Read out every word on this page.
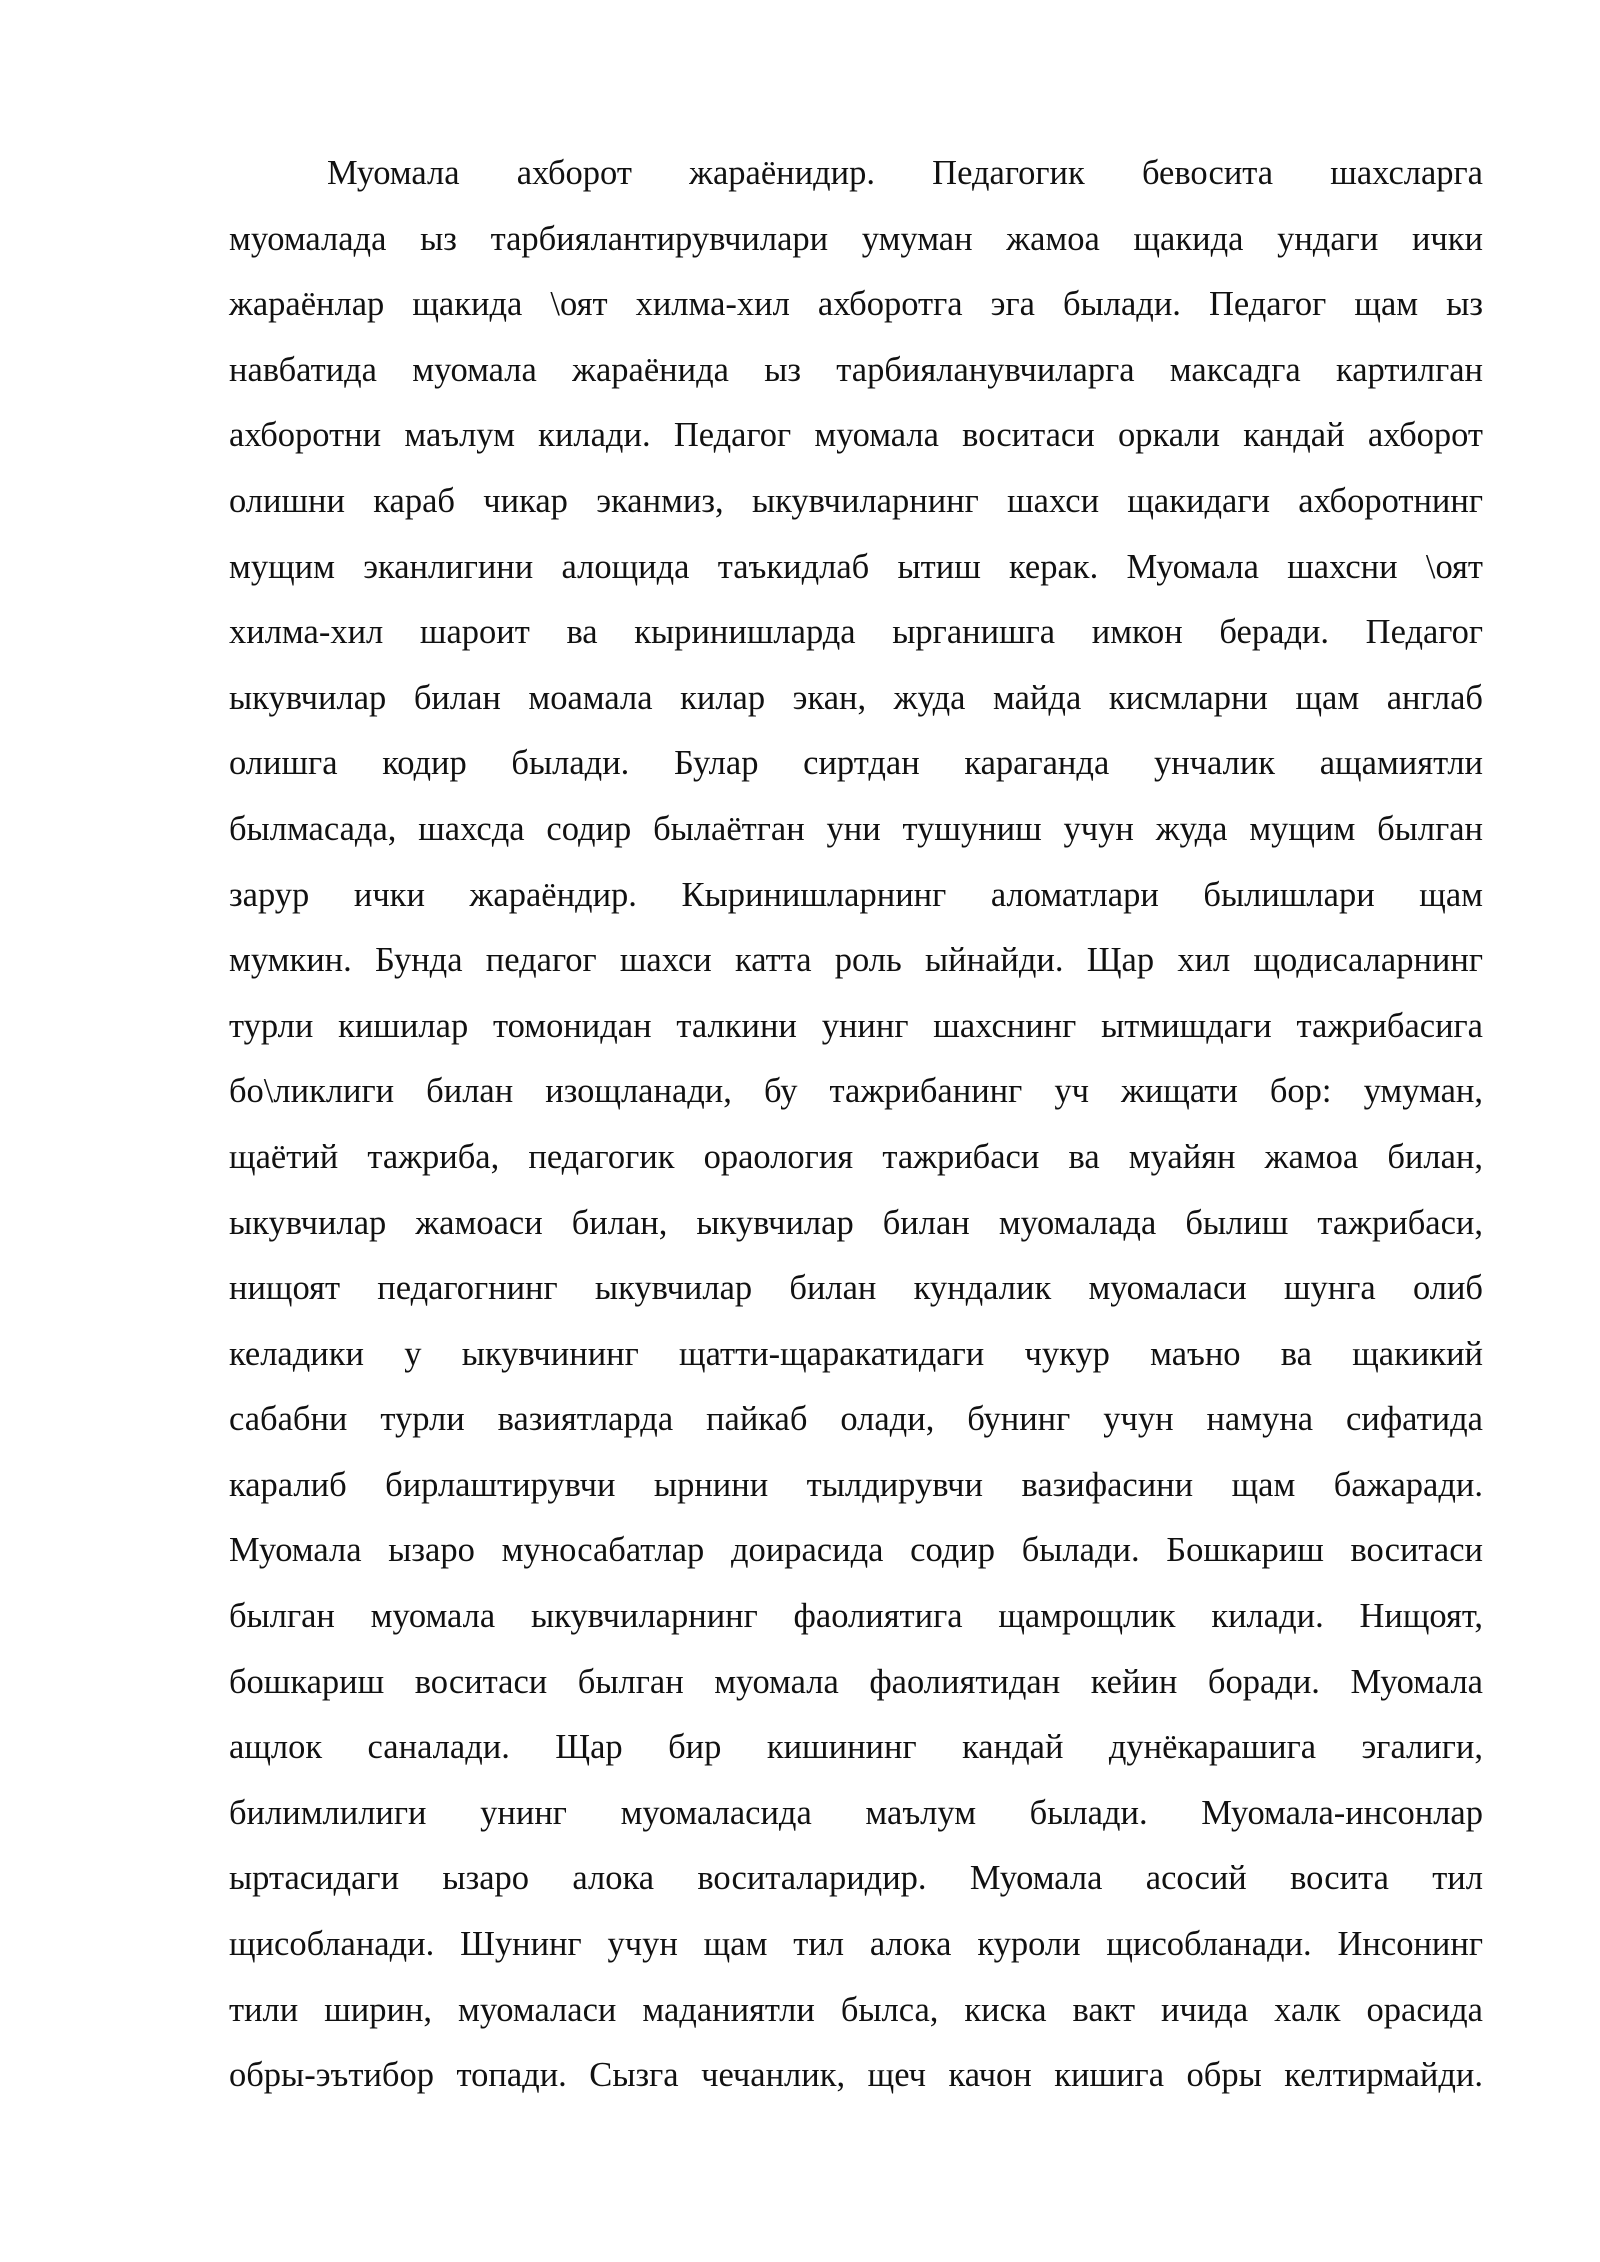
Муомала ахборот жараёнидир. Педагогик бевосита шахсларга
муомалада ыз тарбиялантирувчилари умуман жамоа щакида ундаги ички
жараёнлар щакида \оят хилма-хил ахборотга эга былади. Педагог щам ыз
навбатида муомала жараёнида ыз тарбияланувчиларга максадга картилган
ахборотни маълум килади. Педагог муомала воситаси оркали кандай ахборот
олишни караб чикар эканмиз, ыкувчиларнинг шахси щакидаги ахборотнинг
мущим эканлигини алощида таъкидлаб ытиш керак. Муомала шахсни \оят
хилма-хил шароит ва кыринишларда ырганишга имкон беради. Педагог
ыкувчилар билан моамала килар экан, жуда майда кисмларни щам англаб
олишга кодир былади. Булар сиртдан караганда унчалик ащамиятли
былмасада, шахсда содир былаётган уни тушуниш учун жуда мущим былган
зарур ички жараёндир. Кыринишларнинг аломатлари былишлари щам
мумкин. Бунда педагог шахси катта роль ыйнайди. Щар хил щодисаларнинг
турли кишилар томонидан талкини унинг шахснинг ытмишдаги тажрибасига
бо\ликлиги билан изощланади, бу тажрибанинг уч жищати бор: умуман,
щаётий тажриба, педагогик ораология тажрибаси ва муайян жамоа билан,
ыкувчилар жамоаси билан, ыкувчилар билан муомалада былиш тажрибаси,
нищоят педагогнинг ыкувчилар билан кундалик муомаласи шунга олиб
келадики у ыкувчининг щатти-щаракатидаги чукур маъно ва щакикий
сабабни турли вазиятларда пайкаб олади, бунинг учун намуна сифатида
каралиб бирлаштирувчи ырнини тылдирувчи вазифасини щам бажаради.
Муомала ызаро муносабатлар доирасида содир былади. Бошкариш воситаси
былган муомала ыкувчиларнинг фаолиятига щамрощлик килади. Нищоят,
бошкариш воситаси былган муомала фаолиятидан кейин боради. Муомала
ащлок саналади. Щар бир кишининг кандай дунёкарашига эгалиги,
билимлилиги унинг муомаласида маълум былади. Муомала-инсонлар
ыртасидаги ызаро алока воситаларидир. Муомала асосий восита тил
щисобланади. Шунинг учун щам тил алока куроли щисобланади. Инсонинг
тили ширин, муомаласи маданиятли былса, киска вакт ичида халк орасида
обры-эътибор топади. Сызга чечанлик, щеч качон кишига обры келтирмайди.
